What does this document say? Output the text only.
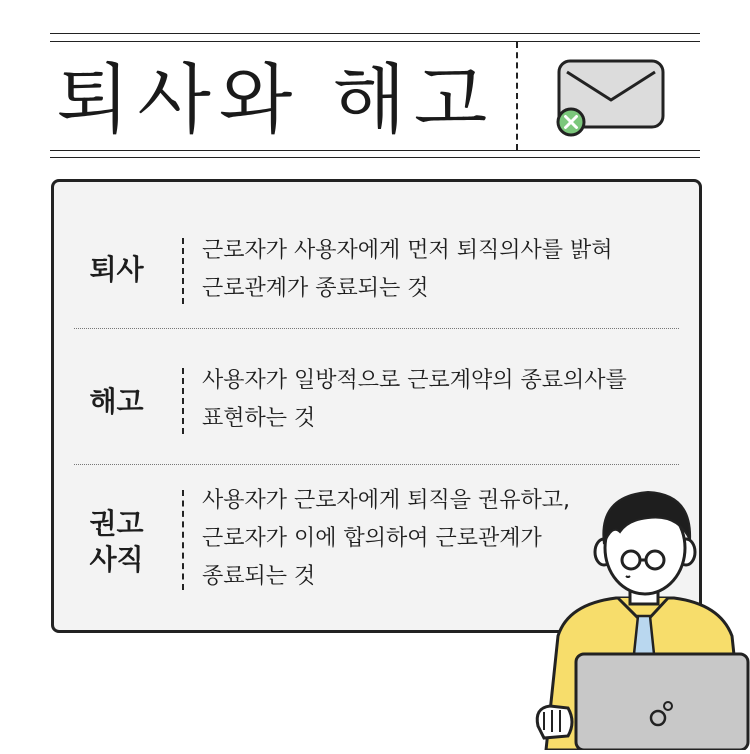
퇴사와 해고
퇴사
근로자가 사용자에게 먼저 퇴직의사를 밝혀
근로관계가 종료되는 것
해고
사용자가 일방적으로 근로계약의 종료의사를
표현하는 것
권고
사직
사용자가 근로자에게 퇴직을 권유하고,
근로자가 이에 합의하여 근로관계가
종료되는 것
